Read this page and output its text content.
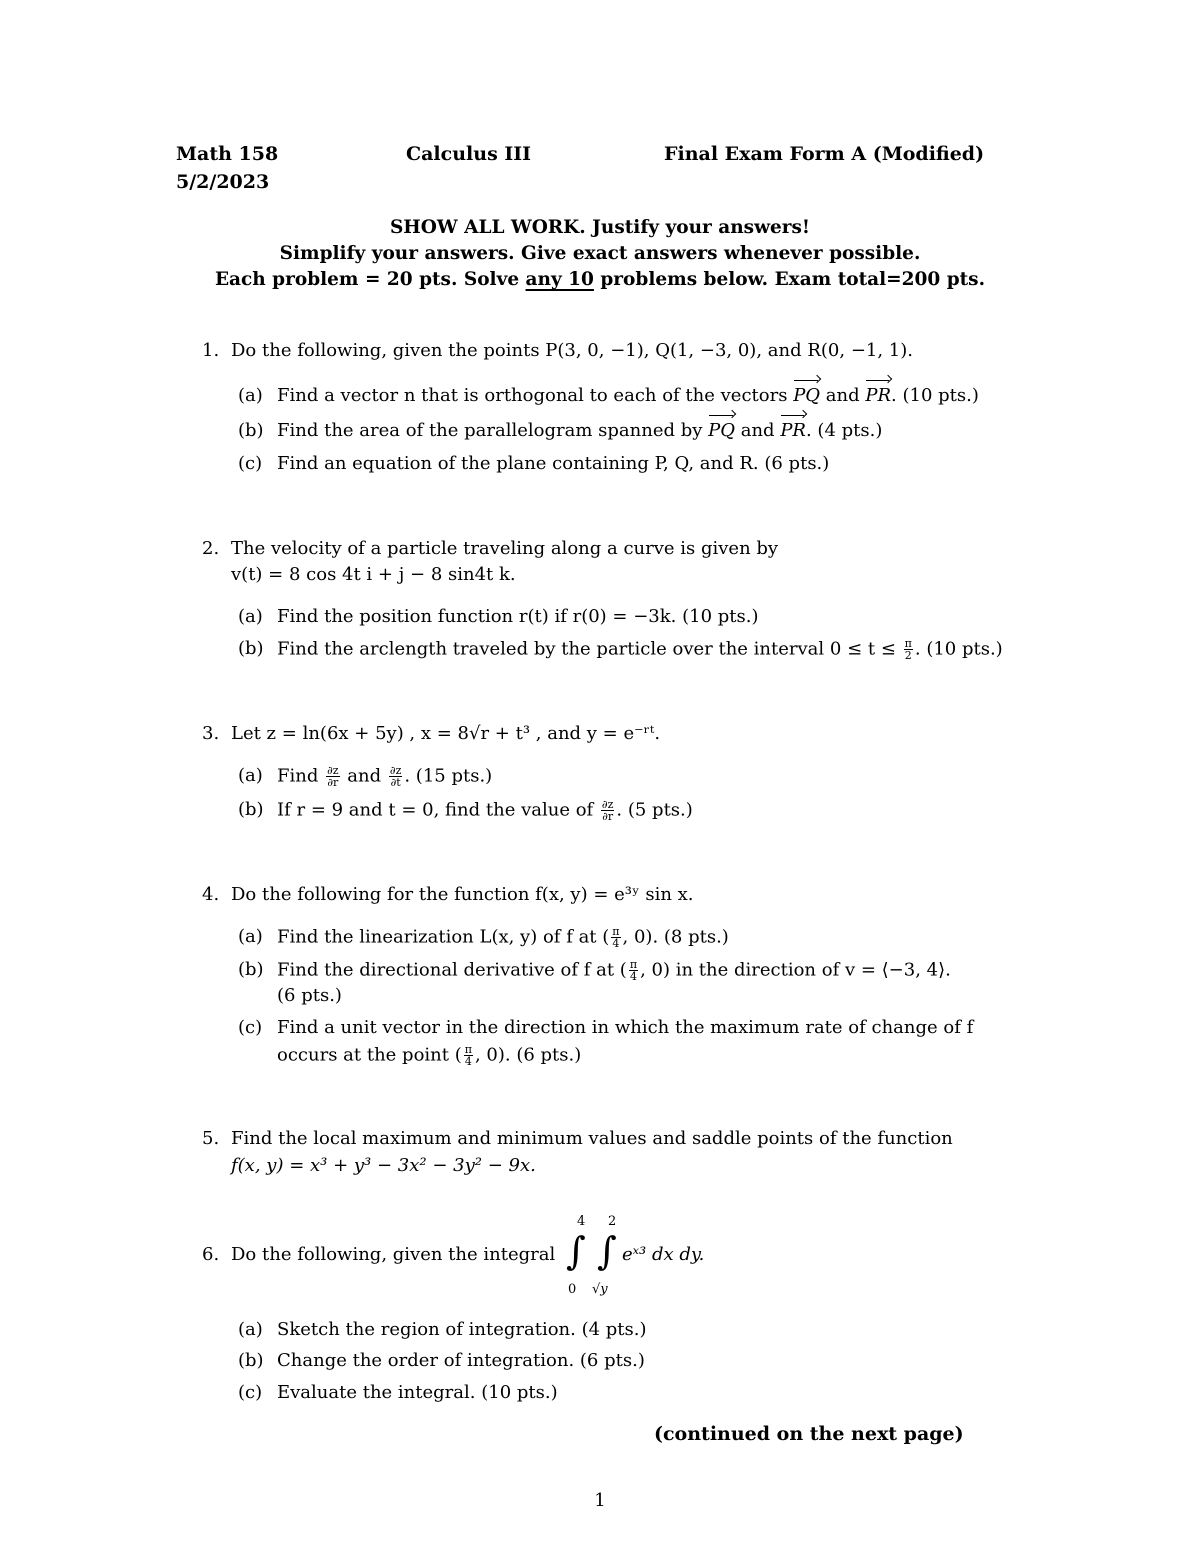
Math 158	Calculus III	Final Exam Form A (Modified)
5/2/2023
SHOW ALL WORK. Justify your answers!
Simplify your answers. Give exact answers whenever possible.
Each problem = 20 pts. Solve any 10 problems below. Exam total=200 pts.
1. Do the following, given the points P(3, 0, −1), Q(1, −3, 0), and R(0, −1, 1).
(a) Find a vector n that is orthogonal to each of the vectors PQ and PR. (10 pts.)
(b) Find the area of the parallelogram spanned by PQ and PR. (4 pts.)
(c) Find an equation of the plane containing P, Q, and R. (6 pts.)
2. The velocity of a particle traveling along a curve is given by
v(t) = 8 cos 4t i + j − 8 sin4t k.
(a) Find the position function r(t) if r(0) = −3k. (10 pts.)
(b) Find the arclength traveled by the particle over the interval $0 \le t \le \frac{\pi}{2}$ . (10 pts.)
3. Let z = ln(6x + 5y) , x = 8√r + t³ , and y = e⁻ʳᵗ.
(a) Find $\frac{\partial z}{\partial r}$ and $\frac{\partial z}{\partial t}$ . (15 pts.)
(b) If r = 9 and t = 0, find the value of $\frac{\partial z}{\partial r}$ . (5 pts.)
4. Do the following for the function f(x, y) = e³ʸ sin x.
(a) Find the linearization L(x, y) of f at ( $\frac{\pi}{4}$ , 0). (8 pts.)
(b) Find the directional derivative of f at ( $\frac{\pi}{4}$ , 0) in the direction of v = ⟨−3, 4⟩.
(6 pts.)
(c) Find a unit vector in the direction in which the maximum rate of change of f
occurs at the point ( $\frac{\pi}{4}$ , 0). (6 pts.)
5. Find the local maximum and minimum values and saddle points of the function
f(x, y) = x³ + y³ − 3x² − 3y² − 9x.
6. Do the following, given the integral
4
∫
0
2
∫
√y
eˣ³ dx dy.
(a) Sketch the region of integration. (4 pts.)
(b) Change the order of integration. (6 pts.)
(c) Evaluate the integral. (10 pts.)
(continued on the next page)
1
